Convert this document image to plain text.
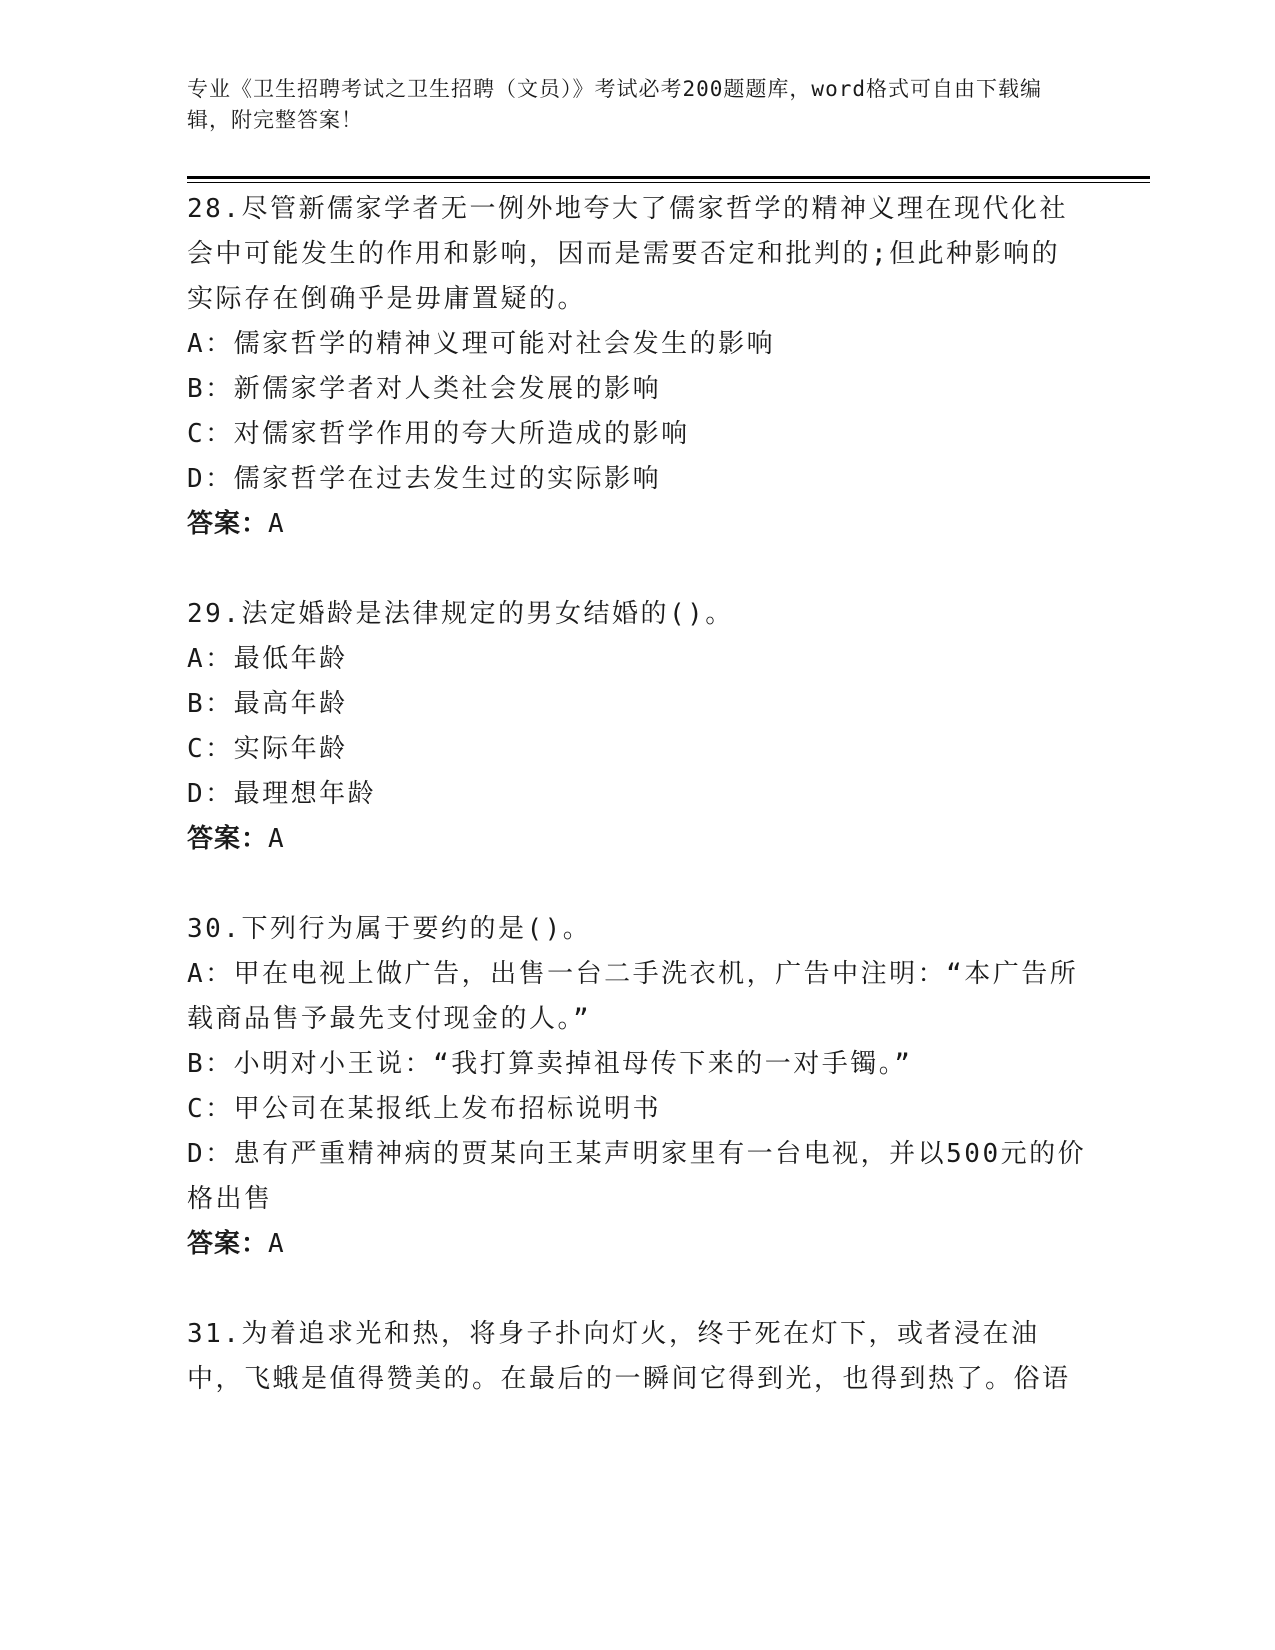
专业《卫生招聘考试之卫生招聘（文员）》考试必考200题题库，word格式可自由下载编辑，附完整答案！

28.尽管新儒家学者无一例外地夸大了儒家哲学的精神义理在现代化社会中可能发生的作用和影响，因而是需要否定和批判的;但此种影响的实际存在倒确乎是毋庸置疑的。

A：儒家哲学的精神义理可能对社会发生的影响

B：新儒家学者对人类社会发展的影响

C：对儒家哲学作用的夸大所造成的影响

D：儒家哲学在过去发生过的实际影响

答案：A

29.法定婚龄是法律规定的男女结婚的()。

A：最低年龄

B：最高年龄

C：实际年龄

D：最理想年龄

答案：A

30.下列行为属于要约的是()。

A：甲在电视上做广告，出售一台二手洗衣机，广告中注明：“本广告所载商品售予最先支付现金的人。”

B：小明对小王说：“我打算卖掉祖母传下来的一对手镯。”

C：甲公司在某报纸上发布招标说明书

D：患有严重精神病的贾某向王某声明家里有一台电视，并以500元的价格出售

答案：A

31.为着追求光和热，将身子扑向灯火，终于死在灯下，或者浸在油中，飞蛾是值得赞美的。在最后的一瞬间它得到光，也得到热了。俗语
